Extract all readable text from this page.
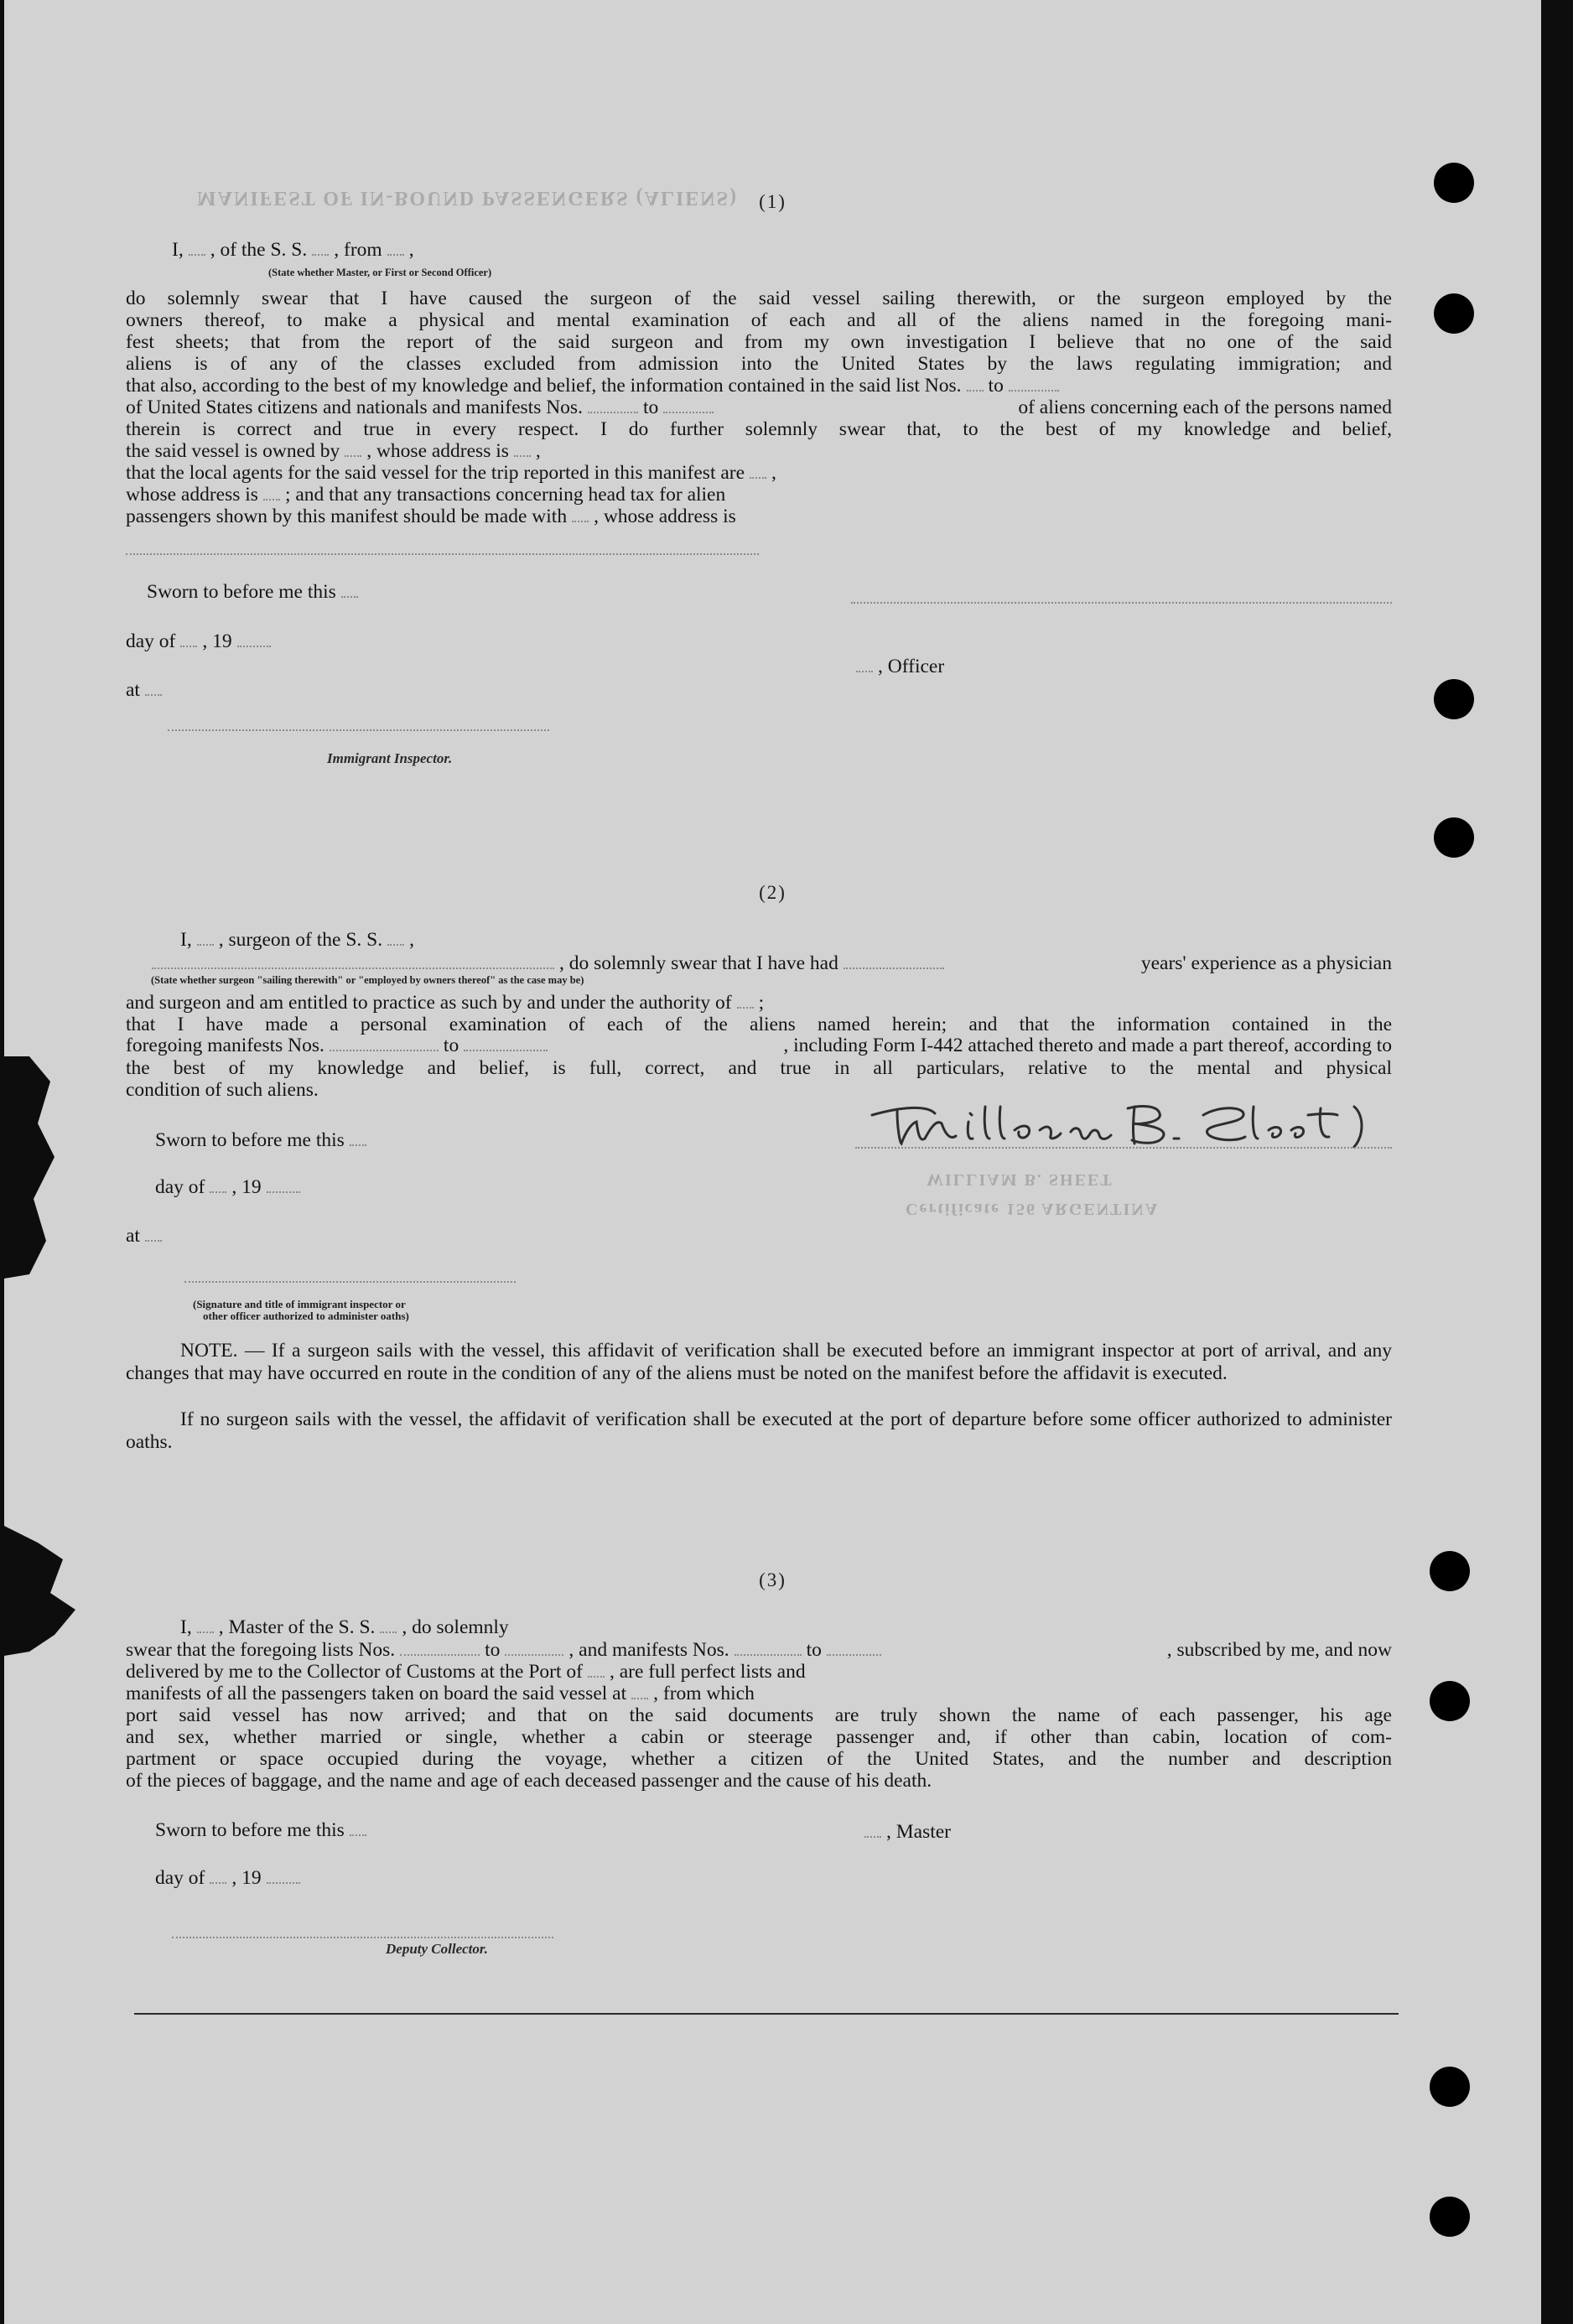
MANIFEST OF IN-BOUND PASSENGERS (ALIENS)
WILLIAM B. SHEET
Certificate 156 ARGENTINA
(1)
I, , of the S. S. , from ,
(State whether Master, or First or Second Officer)
do solemnly swear that I have caused the surgeon of the said vessel sailing therewith, or the surgeon employed by the
owners thereof, to make a physical and mental examination of each and all of the aliens named in the foregoing mani-
fest sheets; that from the report of the said surgeon and from my own investigation I believe that no one of the said
aliens is of any of the classes excluded from admission into the United States by the laws regulating immigration; and
that also, according to the best of my knowledge and belief, the information contained in the said list Nos. to
of United States citizens and nationals and manifests Nos.	to	of aliens concerning each of the persons named
therein is correct and true in every respect. I do further solemnly swear that, to the best of my knowledge and belief,
the said vessel is owned by , whose address is ,
that the local agents for the said vessel for the trip reported in this manifest are ,
whose address is ; and that any transactions concerning head tax for alien
passengers shown by this manifest should be made with , whose address is
Sworn to before me this
day of , 19
, Officer
at
Immigrant Inspector.
(2)
I, , surgeon of the S. S. ,
, do solemnly swear that I have had	years' experience as a physician
(State whether surgeon "sailing therewith" or "employed by owners thereof" as the case may be)
and surgeon and am entitled to practice as such by and under the authority of ;
that I have made a personal examination of each of the aliens named herein; and that the information contained in the
foregoing manifests Nos.	to	, including Form I-442 attached thereto and made a part thereof, according to
the best of my knowledge and belief, is full, correct, and true in all particulars, relative to the mental and physical
condition of such aliens.
Sworn to before me this
day of , 19
at
(Signature and title of immigrant inspector or
other officer authorized to administer oaths)
NOTE. — If a surgeon sails with the vessel, this affidavit of verification shall be executed before an immigrant inspector at port of arrival, and any changes that may have occurred en route in the condition of any of the aliens must be noted on the manifest before the affidavit is executed.
If no surgeon sails with the vessel, the affidavit of verification shall be executed at the port of departure before some officer authorized to administer oaths.
(3)
I, , Master of the S. S. , do solemnly
swear that the foregoing lists Nos.	to	, and manifests Nos.	to	, subscribed by me, and now
delivered by me to the Collector of Customs at the Port of , are full perfect lists and
manifests of all the passengers taken on board the said vessel at , from which
port said vessel has now arrived; and that on the said documents are truly shown the name of each passenger, his age
and sex, whether married or single, whether a cabin or steerage passenger and, if other than cabin, location of com-
partment or space occupied during the voyage, whether a citizen of the United States, and the number and description
of the pieces of baggage, and the name and age of each deceased passenger and the cause of his death.
Sworn to before me this	, Master
day of , 19
Deputy Collector.
